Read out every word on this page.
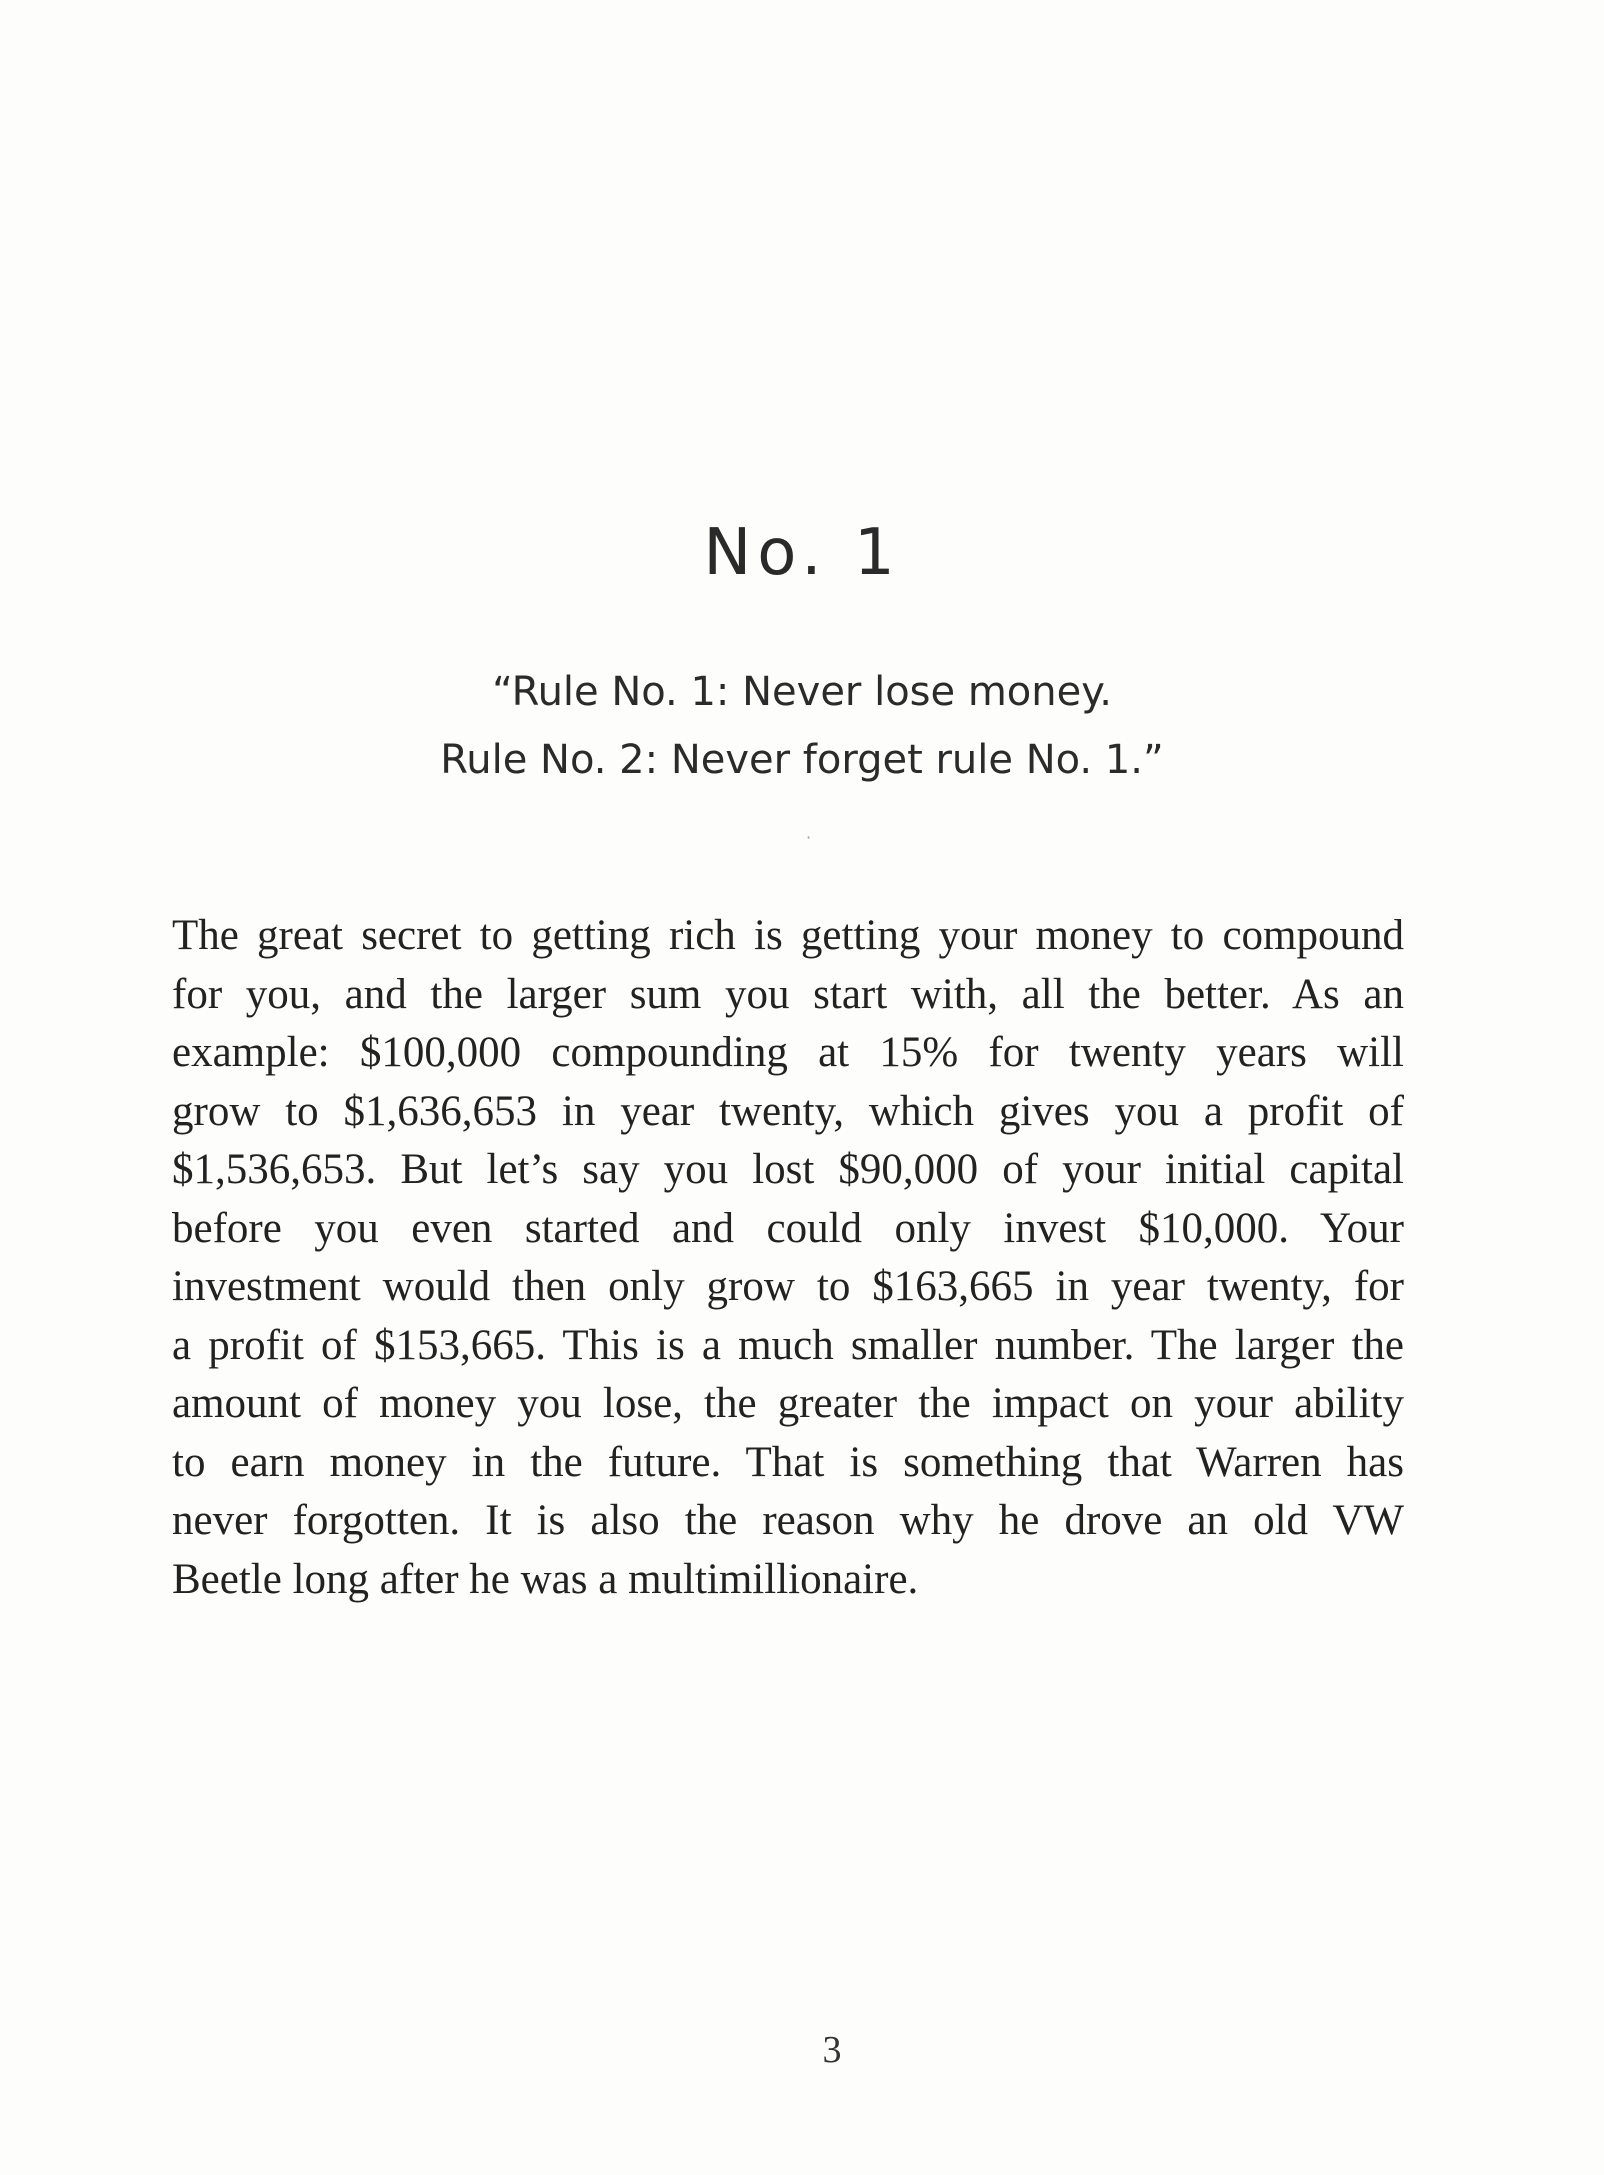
No. 1
“Rule No. 1: Never lose money.
Rule No. 2: Never forget rule No. 1.”
·
The great secret to getting rich is getting your money to compound
for you, and the larger sum you start with, all the better. As an
example: $100,000 compounding at 15% for twenty years will
grow to $1,636,653 in year twenty, which gives you a profit of
$1,536,653. But let’s say you lost $90,000 of your initial capital
before you even started and could only invest $10,000. Your
investment would then only grow to $163,665 in year twenty, for
a profit of $153,665. This is a much smaller number. The larger the
amount of money you lose, the greater the impact on your ability
to earn money in the future. That is something that Warren has
never forgotten. It is also the reason why he drove an old VW
Beetle long after he was a multimillionaire.
3
